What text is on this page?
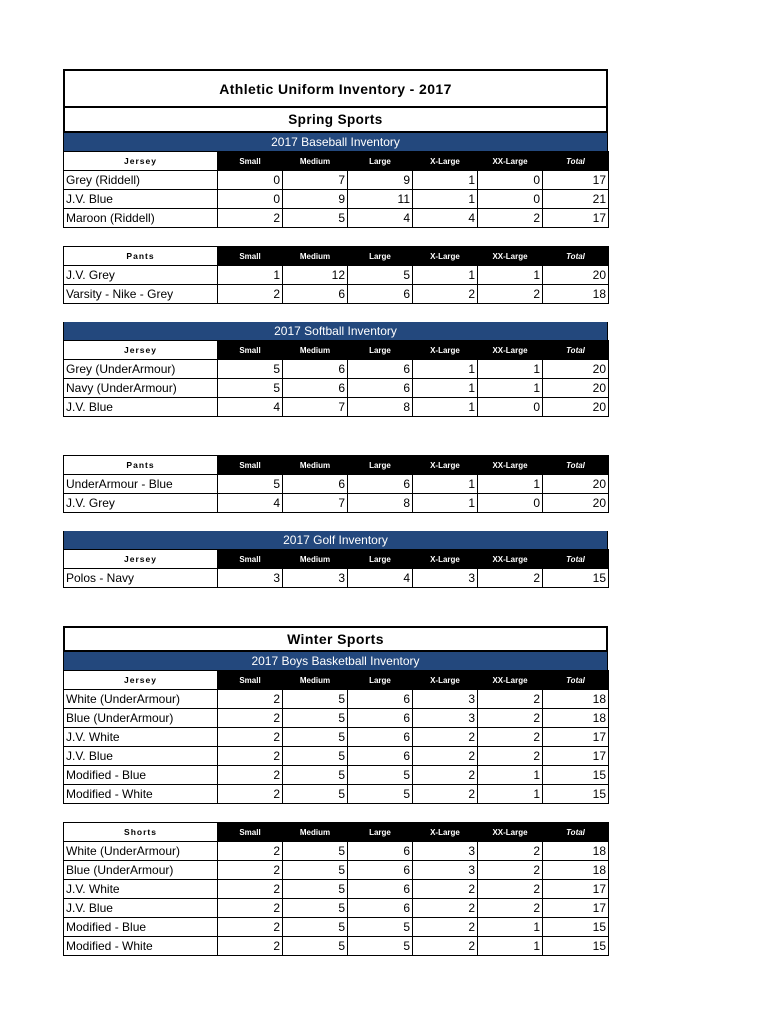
Athletic Uniform Inventory - 2017
Spring Sports
2017 Baseball Inventory
Jersey	Small	Medium	Large	X-Large	XX-Large	Total
Grey (Riddell)	0	7	9	1	0	17
J.V. Blue	0	9	11	1	0	21
Maroon (Riddell)	2	5	4	4	2	17
Pants	Small	Medium	Large	X-Large	XX-Large	Total
J.V. Grey	1	12	5	1	1	20
Varsity - Nike - Grey	2	6	6	2	2	18
2017 Softball Inventory
Jersey	Small	Medium	Large	X-Large	XX-Large	Total
Grey (UnderArmour)	5	6	6	1	1	20
Navy (UnderArmour)	5	6	6	1	1	20
J.V. Blue	4	7	8	1	0	20
Pants	Small	Medium	Large	X-Large	XX-Large	Total
UnderArmour - Blue	5	6	6	1	1	20
J.V. Grey	4	7	8	1	0	20
2017 Golf Inventory
Jersey	Small	Medium	Large	X-Large	XX-Large	Total
Polos - Navy	3	3	4	3	2	15
Winter Sports
2017 Boys Basketball Inventory
Jersey	Small	Medium	Large	X-Large	XX-Large	Total
White (UnderArmour)	2	5	6	3	2	18
Blue (UnderArmour)	2	5	6	3	2	18
J.V. White	2	5	6	2	2	17
J.V. Blue	2	5	6	2	2	17
Modified - Blue	2	5	5	2	1	15
Modified - White	2	5	5	2	1	15
Shorts	Small	Medium	Large	X-Large	XX-Large	Total
White (UnderArmour)	2	5	6	3	2	18
Blue (UnderArmour)	2	5	6	3	2	18
J.V. White	2	5	6	2	2	17
J.V. Blue	2	5	6	2	2	17
Modified - Blue	2	5	5	2	1	15
Modified - White	2	5	5	2	1	15
